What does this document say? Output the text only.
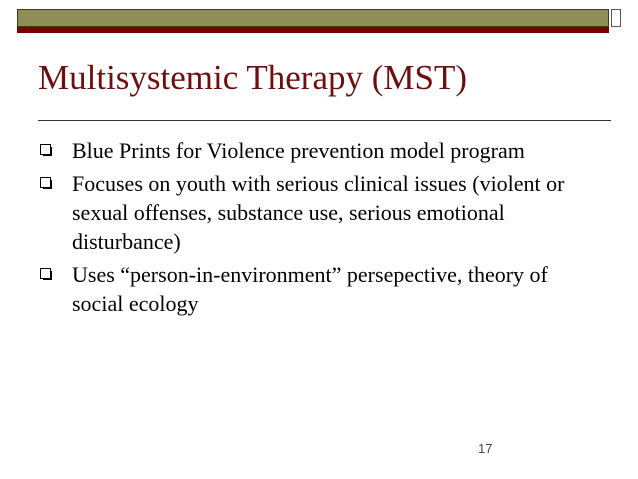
Multisystemic Therapy (MST)
Blue Prints for Violence prevention model program
Focuses on youth with serious clinical issues (violent or sexual offenses, substance use, serious emotional disturbance)
Uses “person-in-environment” persepective, theory of social ecology
17
